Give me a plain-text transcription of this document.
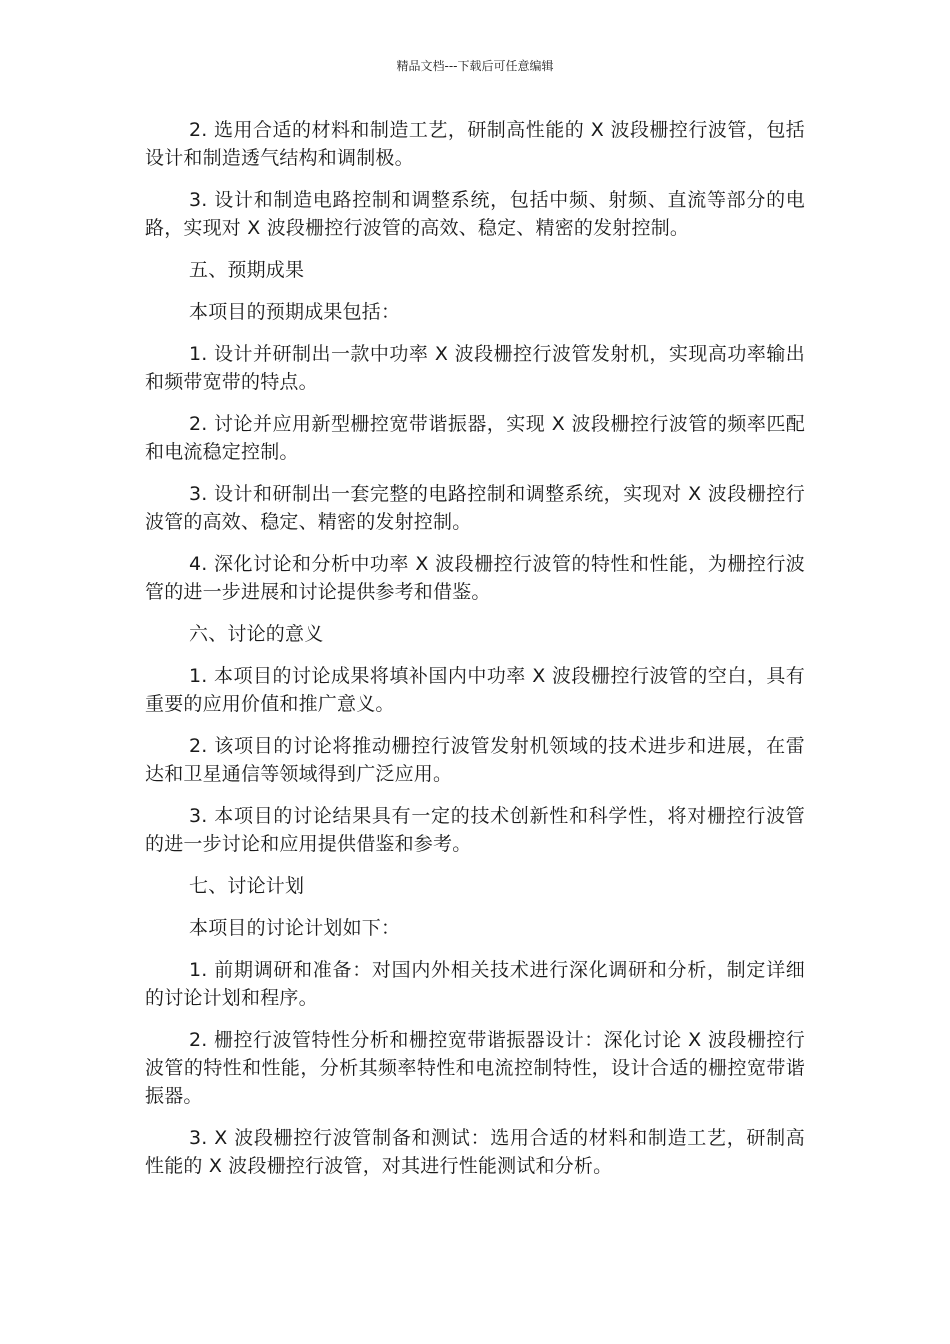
精品文档---下载后可任意编辑

2. 选用合适的材料和制造工艺，研制高性能的 X 波段栅控行波管，包括设计和制造透气结构和调制极。

3. 设计和制造电路控制和调整系统，包括中频、射频、直流等部分的电路，实现对 X 波段栅控行波管的高效、稳定、精密的发射控制。

五、预期成果

本项目的预期成果包括：

1. 设计并研制出一款中功率 X 波段栅控行波管发射机，实现高功率输出和频带宽带的特点。

2. 讨论并应用新型栅控宽带谐振器，实现 X 波段栅控行波管的频率匹配和电流稳定控制。

3. 设计和研制出一套完整的电路控制和调整系统，实现对 X 波段栅控行波管的高效、稳定、精密的发射控制。

4. 深化讨论和分析中功率 X 波段栅控行波管的特性和性能，为栅控行波管的进一步进展和讨论提供参考和借鉴。

六、讨论的意义

1. 本项目的讨论成果将填补国内中功率 X 波段栅控行波管的空白，具有重要的应用价值和推广意义。

2. 该项目的讨论将推动栅控行波管发射机领域的技术进步和进展，在雷达和卫星通信等领域得到广泛应用。

3. 本项目的讨论结果具有一定的技术创新性和科学性，将对栅控行波管的进一步讨论和应用提供借鉴和参考。

七、讨论计划

本项目的讨论计划如下：

1. 前期调研和准备：对国内外相关技术进行深化调研和分析，制定详细的讨论计划和程序。

2. 栅控行波管特性分析和栅控宽带谐振器设计：深化讨论 X 波段栅控行波管的特性和性能，分析其频率特性和电流控制特性，设计合适的栅控宽带谐振器。

3. X 波段栅控行波管制备和测试：选用合适的材料和制造工艺，研制高性能的 X 波段栅控行波管，对其进行性能测试和分析。
